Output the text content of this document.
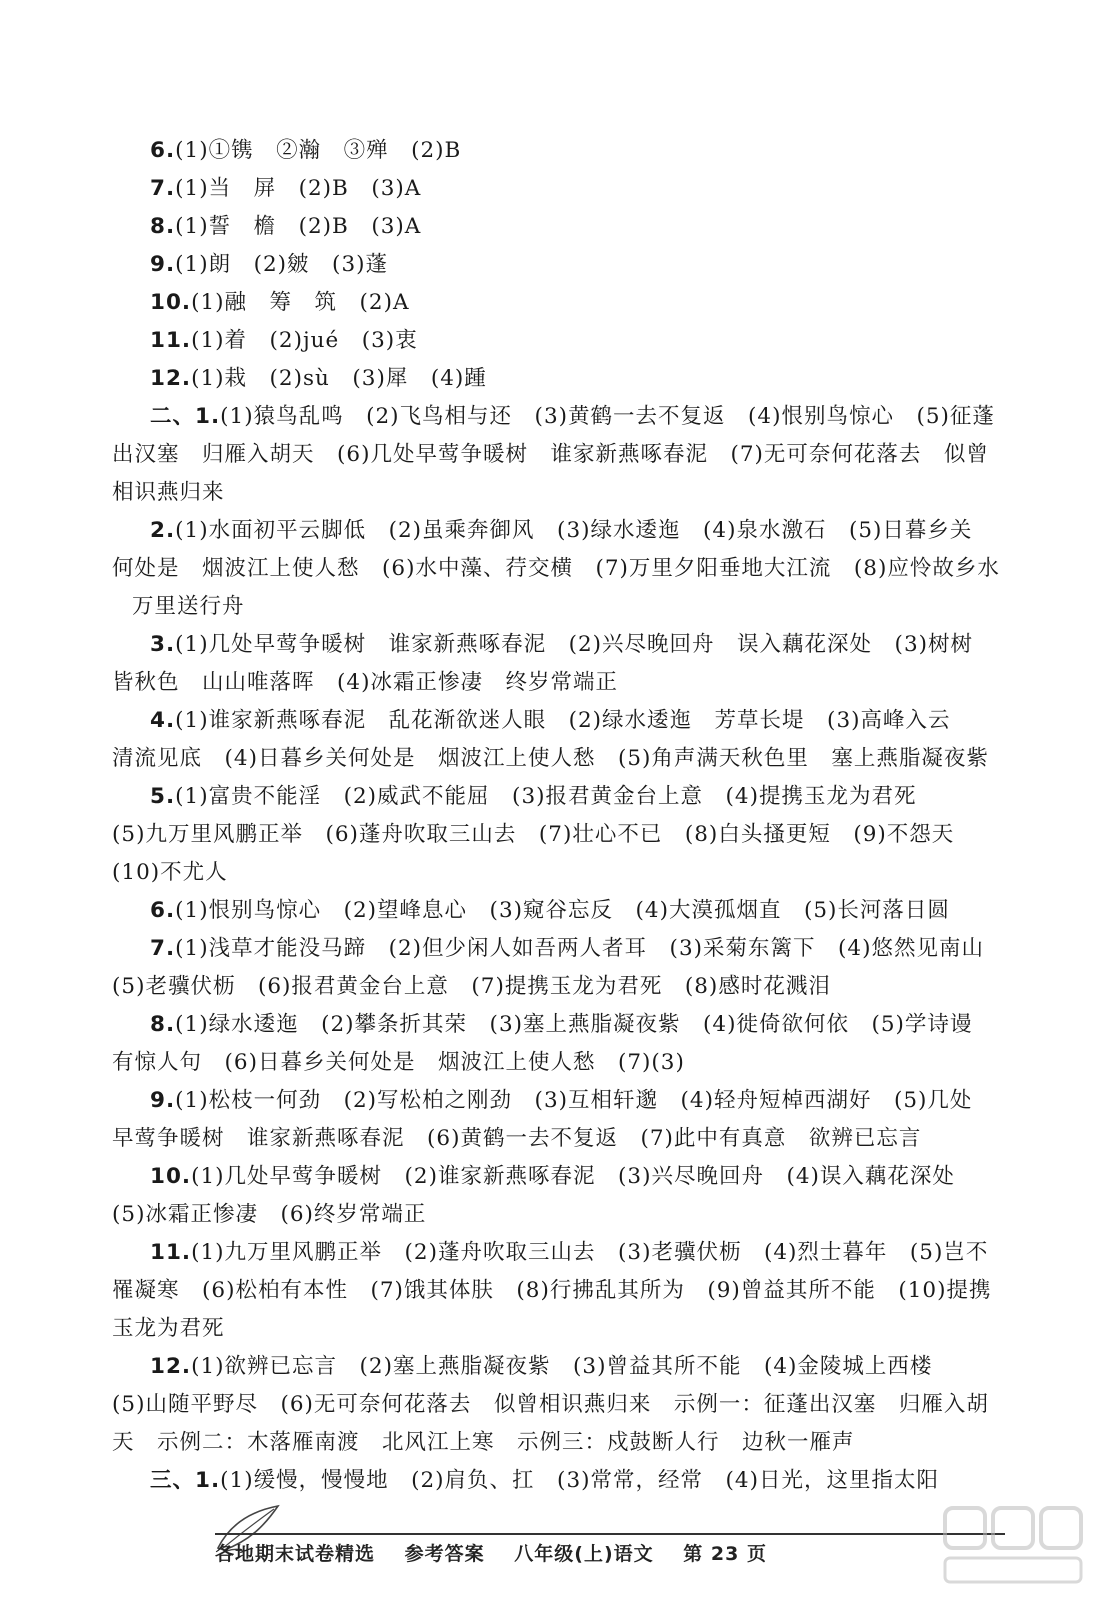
6.(1)①镌　②瀚　③殚　(2)B
7.(1)当　屏　(2)B　(3)A
8.(1)誓　檐　(2)B　(3)A
9.(1)朗　(2)皴　(3)蓬
10.(1)融　筹　筑　(2)A
11.(1)着　(2)jué　(3)衷
12.(1)栽　(2)sù　(3)犀　(4)踵
二、1.(1)猿鸟乱鸣　(2)飞鸟相与还　(3)黄鹤一去不复返　(4)恨别鸟惊心　(5)征蓬
出汉塞　归雁入胡天　(6)几处早莺争暖树　谁家新燕啄春泥　(7)无可奈何花落去　似曾
相识燕归来
2.(1)水面初平云脚低　(2)虽乘奔御风　(3)绿水逶迤　(4)泉水激石　(5)日暮乡关
何处是　烟波江上使人愁　(6)水中藻、荇交横　(7)万里夕阳垂地大江流　(8)应怜故乡水
万里送行舟
3.(1)几处早莺争暖树　谁家新燕啄春泥　(2)兴尽晚回舟　误入藕花深处　(3)树树
皆秋色　山山唯落晖　(4)冰霜正惨凄　终岁常端正
4.(1)谁家新燕啄春泥　乱花渐欲迷人眼　(2)绿水逶迤　芳草长堤　(3)高峰入云
清流见底　(4)日暮乡关何处是　烟波江上使人愁　(5)角声满天秋色里　塞上燕脂凝夜紫
5.(1)富贵不能淫　(2)威武不能屈　(3)报君黄金台上意　(4)提携玉龙为君死
(5)九万里风鹏正举　(6)蓬舟吹取三山去　(7)壮心不已　(8)白头搔更短　(9)不怨天
(10)不尤人
6.(1)恨别鸟惊心　(2)望峰息心　(3)窥谷忘反　(4)大漠孤烟直　(5)长河落日圆
7.(1)浅草才能没马蹄　(2)但少闲人如吾两人者耳　(3)采菊东篱下　(4)悠然见南山
(5)老骥伏枥　(6)报君黄金台上意　(7)提携玉龙为君死　(8)感时花溅泪
8.(1)绿水逶迤　(2)攀条折其荣　(3)塞上燕脂凝夜紫　(4)徙倚欲何依　(5)学诗谩
有惊人句　(6)日暮乡关何处是　烟波江上使人愁　(7)(3)
9.(1)松枝一何劲　(2)写松柏之刚劲　(3)互相轩邈　(4)轻舟短棹西湖好　(5)几处
早莺争暖树　谁家新燕啄春泥　(6)黄鹤一去不复返　(7)此中有真意　欲辨已忘言
10.(1)几处早莺争暖树　(2)谁家新燕啄春泥　(3)兴尽晚回舟　(4)误入藕花深处
(5)冰霜正惨凄　(6)终岁常端正
11.(1)九万里风鹏正举　(2)蓬舟吹取三山去　(3)老骥伏枥　(4)烈士暮年　(5)岂不
罹凝寒　(6)松柏有本性　(7)饿其体肤　(8)行拂乱其所为　(9)曾益其所不能　(10)提携
玉龙为君死
12.(1)欲辨已忘言　(2)塞上燕脂凝夜紫　(3)曾益其所不能　(4)金陵城上西楼
(5)山随平野尽　(6)无可奈何花落去　似曾相识燕归来　示例一：征蓬出汉塞　归雁入胡
天　示例二：木落雁南渡　北风江上寒　示例三：戍鼓断人行　边秋一雁声
三、1.(1)缓慢，慢慢地　(2)肩负、扛　(3)常常，经常　(4)日光，这里指太阳
各地期末试卷精选 参考答案 八年级(上)语文 第 23 页
